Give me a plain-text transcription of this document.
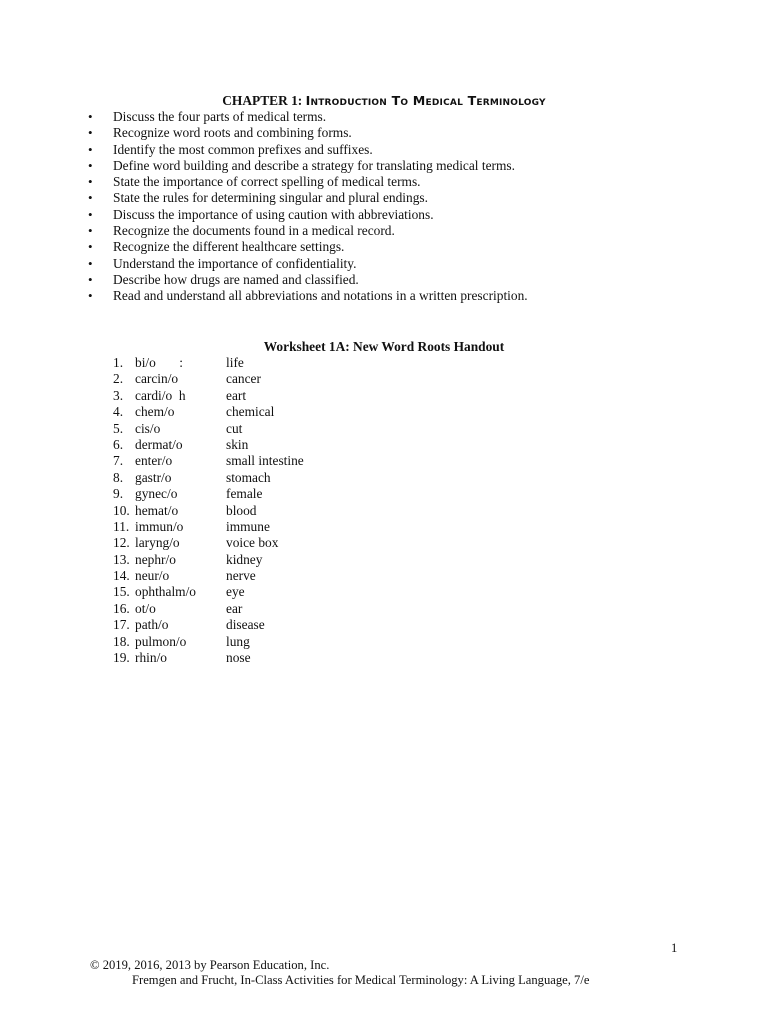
CHAPTER 1: Introduction To Medical Terminology
• Discuss the four parts of medical terms.
• Recognize word roots and combining forms.
• Identify the most common prefixes and suffixes.
• Define word building and describe a strategy for translating medical terms.
• State the importance of correct spelling of medical terms.
• State the rules for determining singular and plural endings.
• Discuss the importance of using caution with abbreviations.
• Recognize the documents found in a medical record.
• Recognize the different healthcare settings.
• Understand the importance of confidentiality.
• Describe how drugs are named and classified.
• Read and understand all abbreviations and notations in a written prescription.
Worksheet 1A: New Word Roots Handout
1. bi/o       :	life
2. carcin/o	cancer
3. cardi/o  h	eart
4. chem/o	chemical
5. cis/o	cut
6. dermat/o	skin
7. enter/o	small intestine
8. gastr/o	stomach
9. gynec/o	female
10. hemat/o	blood
11. immun/o	immune
12. laryng/o	voice box
13. nephr/o	kidney
14. neur/o	nerve
15. ophthalm/o eye
16. ot/o	ear
17. path/o	disease
18. pulmon/o	lung
19. rhin/o	nose
1
© 2019, 2016, 2013 by Pearson Education, Inc.
Fremgen and Frucht, In-Class Activities for Medical Terminology: A Living Language, 7/e
